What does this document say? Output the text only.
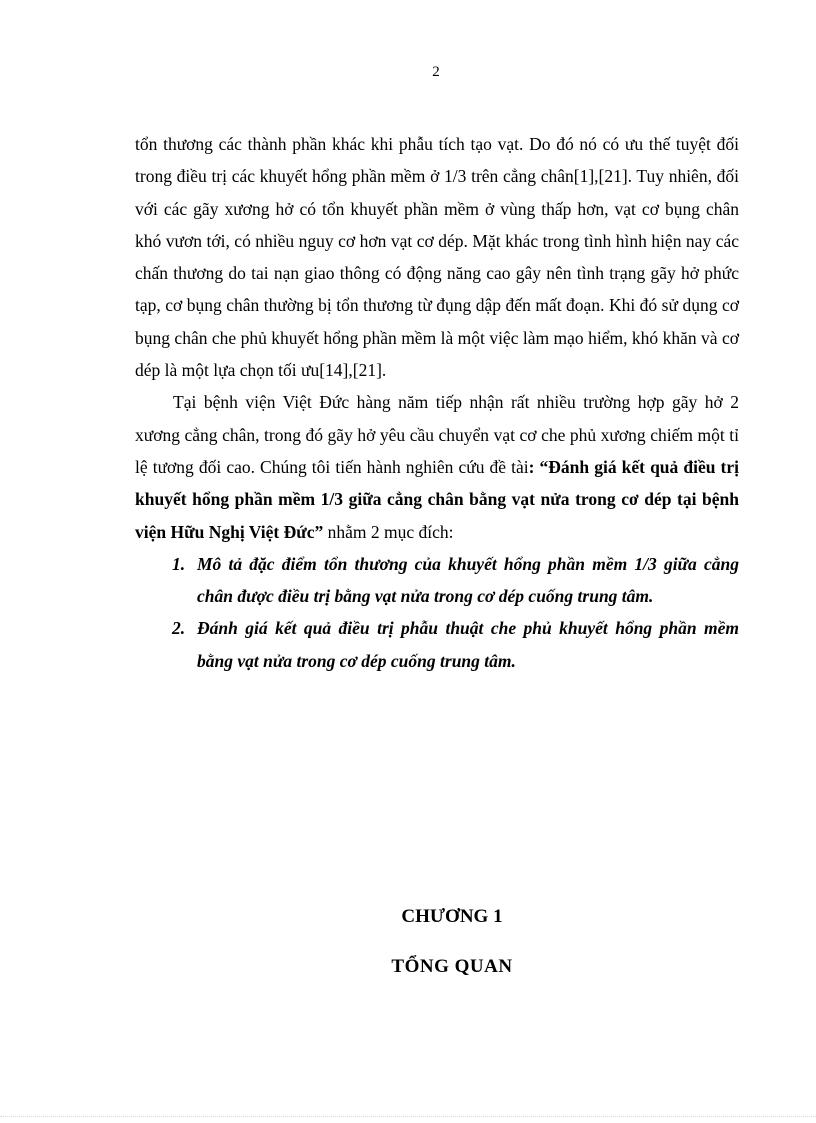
2

tổn thương các thành phần khác khi phẫu tích tạo vạt. Do đó nó có ưu thế tuyệt đối trong điều trị các khuyết hổng phần mềm ở 1/3 trên cẳng chân[1],[21]. Tuy nhiên, đối với các gãy xương hở có tổn khuyết phần mềm ở vùng thấp hơn, vạt cơ bụng chân khó vươn tới, có nhiều nguy cơ hơn vạt cơ dép. Mặt khác trong tình hình hiện nay các chấn thương do tai nạn giao thông có động năng cao gây nên tình trạng gãy hở phức tạp, cơ bụng chân thường bị tổn thương từ đụng dập đến mất đoạn. Khi đó sử dụng cơ bụng chân che phủ khuyết hổng phần mềm là một việc làm mạo hiểm, khó khăn và cơ dép là một lựa chọn tối ưu[14],[21].

Tại bệnh viện Việt Đức hàng năm tiếp nhận rất nhiều trường hợp gãy hở 2 xương cẳng chân, trong đó gãy hở yêu cầu chuyển vạt cơ che phủ xương chiếm một tỉ lệ tương đối cao. Chúng tôi tiến hành nghiên cứu đề tài: “Đánh giá kết quả điều trị khuyết hổng phần mềm 1/3 giữa cẳng chân bằng vạt nửa trong cơ dép tại bệnh viện Hữu Nghị Việt Đức” nhằm 2 mục đích:

1. Mô tả đặc điểm tổn thương của khuyết hổng phần mềm 1/3 giữa cẳng chân được điều trị bằng vạt nửa trong cơ dép cuống trung tâm.
2. Đánh giá kết quả điều trị phẫu thuật che phủ khuyết hổng phần mềm bằng vạt nửa trong cơ dép cuống trung tâm.
CHƯƠNG 1
TỔNG QUAN
